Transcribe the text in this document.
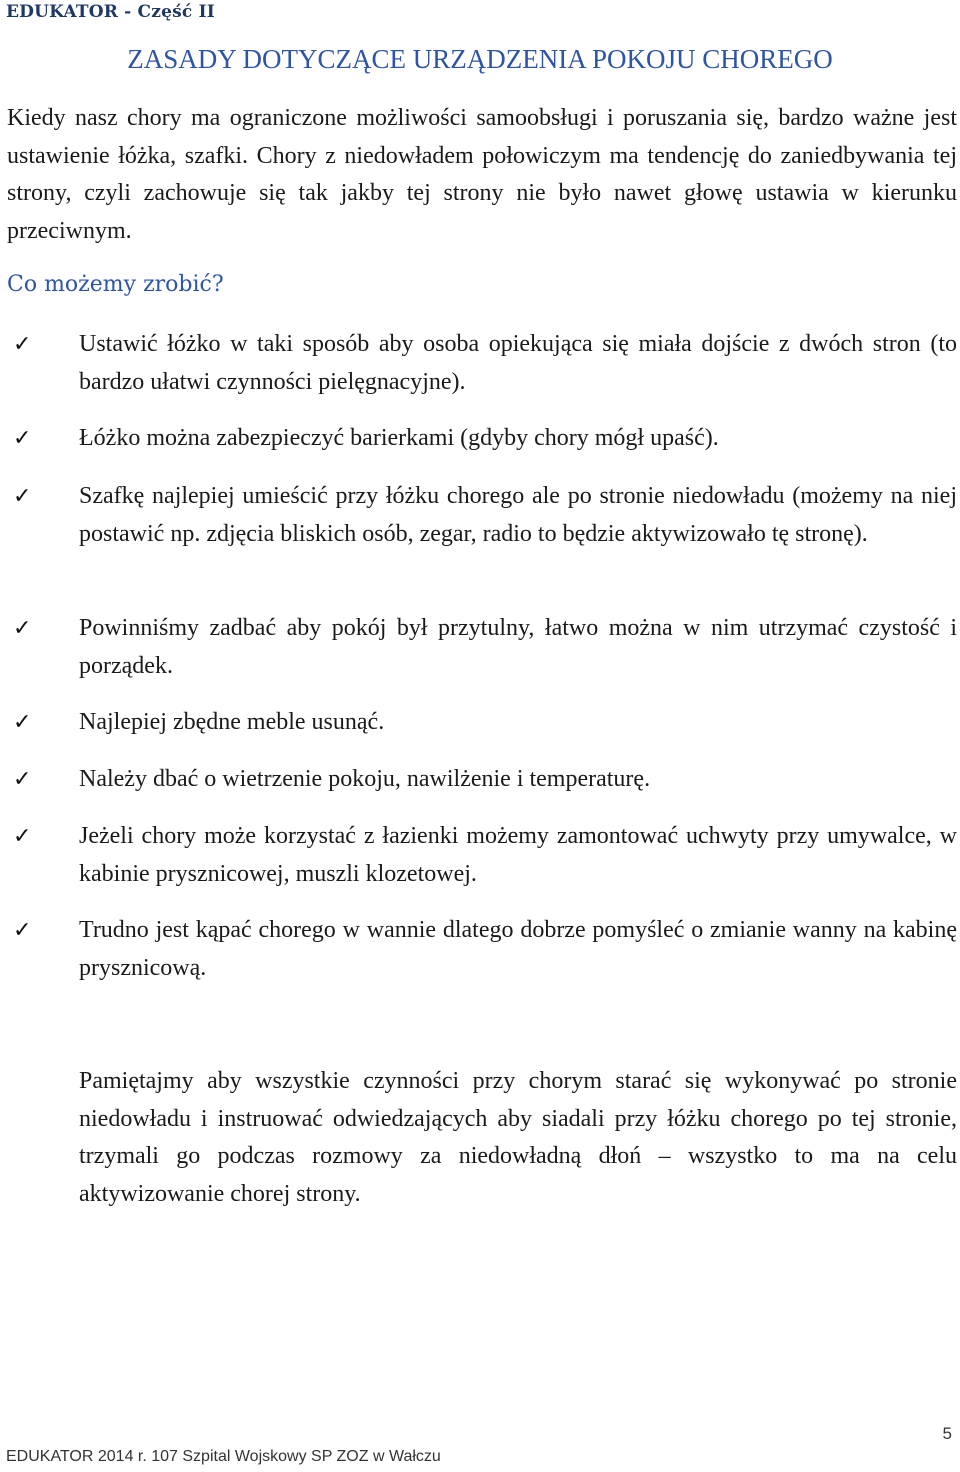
EDUKATOR - Część II
ZASADY DOTYCZĄCE URZĄDZENIA POKOJU CHOREGO

Kiedy nasz chory ma ograniczone możliwości samoobsługi i poruszania się, bardzo ważne jest ustawienie łóżka, szafki. Chory z niedowładem połowiczym ma tendencję do zaniedbywania tej strony, czyli zachowuje się tak jakby tej strony nie było nawet głowę ustawia w kierunku przeciwnym.

Co możemy zrobić?
✓ Ustawić łóżko w taki sposób aby osoba opiekująca się miała dojście z dwóch stron (to bardzo ułatwi czynności pielęgnacyjne).
✓ Łóżko można zabezpieczyć barierkami (gdyby chory mógł upaść).
✓ Szafkę najlepiej umieścić przy łóżku chorego ale po stronie niedowładu (możemy na niej postawić np. zdjęcia bliskich osób, zegar, radio to będzie aktywizowało tę stronę).
✓ Powinniśmy zadbać aby pokój był przytulny, łatwo można w nim utrzymać czystość i porządek.
✓ Najlepiej zbędne meble usunąć.
✓ Należy dbać o wietrzenie pokoju, nawilżenie i temperaturę.
✓ Jeżeli chory może korzystać z łazienki możemy zamontować uchwyty przy umywalce, w kabinie prysznicowej, muszli klozetowej.
✓ Trudno jest kąpać chorego w wannie dlatego dobrze pomyśleć o zmianie wanny na kabinę prysznicową.
Pamiętajmy aby wszystkie czynności przy chorym starać się wykonywać po stronie niedowładu i instruować odwiedzających aby siadali przy łóżku chorego po tej stronie, trzymali go podczas rozmowy za niedowładną dłoń – wszystko to ma na celu aktywizowanie chorej strony.
EDUKATOR 2014 r. 107 Szpital Wojskowy SP ZOZ w Wałczu
5
